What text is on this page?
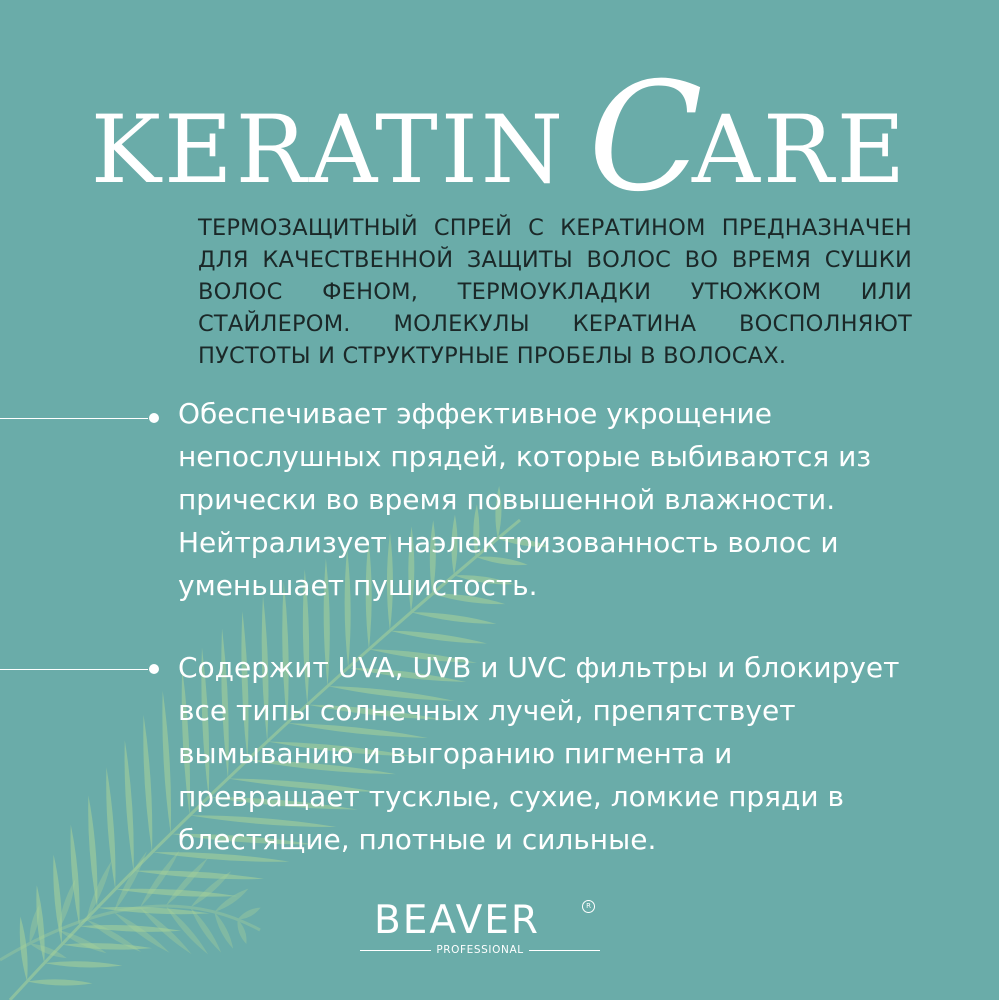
KERATIN C
ARE
ТЕРМОЗАЩИТНЫЙ СПРЕЙ С КЕРАТИНОМ ПРЕДНАЗНАЧЕН ДЛЯ КАЧЕСТВЕННОЙ ЗАЩИТЫ ВОЛОС ВО ВРЕМЯ СУШКИ ВОЛОС ФЕНОМ, ТЕРМОУКЛАДКИ УТЮЖКОМ ИЛИ СТАЙЛЕРОМ. МОЛЕКУЛЫ КЕРАТИНА ВОСПОЛНЯЮТ ПУСТОТЫ И СТРУКТУРНЫЕ ПРОБЕЛЫ В ВОЛОСАХ.
Обеспечивает эффективное укрощение непослушных прядей, которые выбиваются из прически во время повышенной влажности. Нейтрализует наэлектризованность волос и уменьшает пушистость.
Содержит UVA, UVB и UVC фильтры и блокирует все типы солнечных лучей, препятствует вымыванию и выгоранию пигмента и превращает тусклые, сухие, ломкие пряди в блестящие, плотные и сильные.
BEAVER	R
PROFESSIONAL
